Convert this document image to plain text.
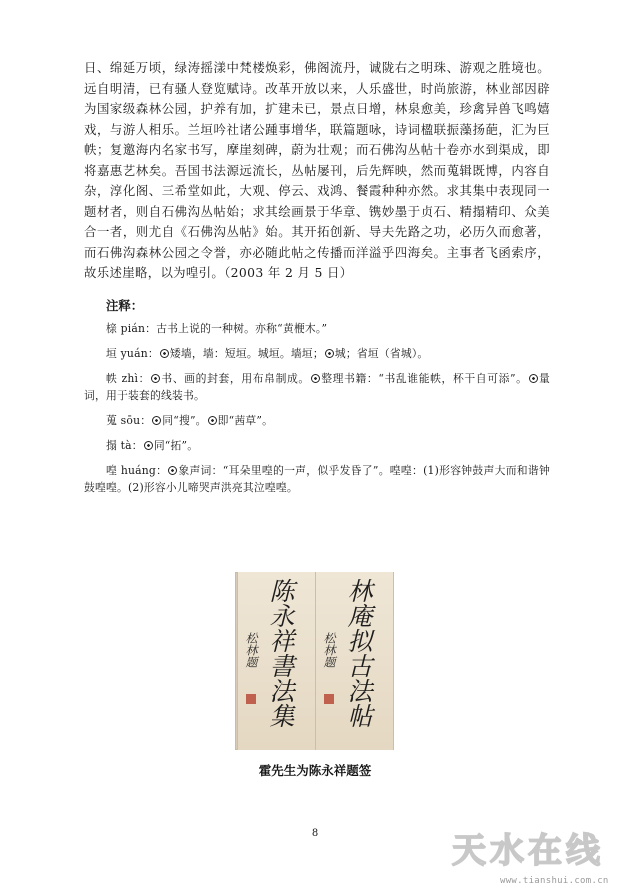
日、绵延万顷，绿涛摇漾中梵楼焕彩，佛阁流丹，诚陇右之明珠、游观之胜境也。远自明清，已有骚人登览赋诗。改革开放以来，人乐盛世，时尚旅游，林业部因辟为国家级森林公园，护养有加，扩建未已，景点日增，林泉愈美，珍禽异兽飞鸣嬉戏，与游人相乐。兰垣吟社诸公踵事增华，联篇题咏，诗词楹联振藻扬葩，汇为巨帙；复邀海内名家书写，摩崖刻碑，蔚为壮观；而石佛沟丛帖十卷亦水到渠成，即将嘉惠艺林矣。吾国书法源远流长，丛帖屡刊，后先辉映，然而蒐辑既博，内容自杂，淳化阁、三希堂如此，大观、停云、戏鸿、餐霞种种亦然。求其集中表现同一题材者，则自石佛沟丛帖始；求其绘画景于华章、镌妙墨于贞石、精搨精印、众美合一者，则尤自《石佛沟丛帖》始。其开拓创新、导夫先路之功，必历久而愈著，而石佛沟森林公园之令誉，亦必随此帖之传播而洋溢乎四海矣。主事者飞函索序，故乐述崖略，以为喤引。（2003 年 2 月 5 日）

注释：

榇 pián：古书上说的一种树。亦称“黄楩木。”

垣 yuán： 矮墙，墙：短垣。城垣。墙垣； 城；省垣（省城）。

帙 zhì： 书、画的封套，用布帛制成。 整理书籍：“书乱谁能帙，杯干自可添”。 量词，用于装套的线装书。

蒐 sōu： 同“搜”。 即“茜草”。

搨 tà： 同“拓”。

喤 huáng： 象声词：“耳朵里喤的一声，似乎发昏了”。喤喤：(1)形容钟鼓声大而和谐钟鼓喤喤。(2)形容小儿啼哭声洪亮其泣喤喤。

陈永祥書法集
松林题	林庵拟古法帖
松林题
霍先生为陈永祥题签
8	天水在线
www.tianshui.com.cn
